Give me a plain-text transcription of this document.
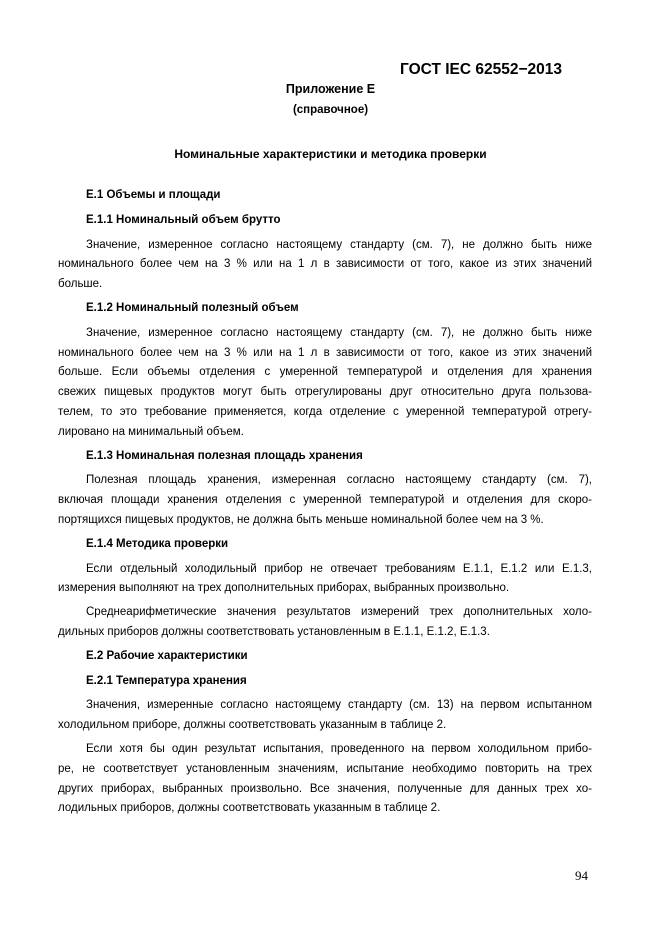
ГОСТ IEC 62552−2013
Приложение Е
(справочное)
Номинальные характеристики и методика проверки
Е.1 Объемы и площади
Е.1.1 Номинальный объем брутто
Значение, измеренное согласно настоящему стандарту (см. 7), не должно быть ниже
номинального более чем на 3 % или на 1 л в зависимости от того, какое из этих значений
больше.
Е.1.2 Номинальный полезный объем
Значение, измеренное согласно настоящему стандарту (см. 7), не должно быть ниже
номинального более чем на 3 % или на 1 л в зависимости от того, какое из этих значений
больше. Если объемы отделения с умеренной температурой и отделения для хранения
свежих пищевых продуктов могут быть отрегулированы друг относительно друга пользова-
телем, то это требование применяется, когда отделение с умеренной температурой отрегу-
лировано на минимальный объем.
Е.1.3 Номинальная полезная площадь хранения
Полезная площадь хранения, измеренная согласно настоящему стандарту (см. 7),
включая площади хранения отделения с умеренной температурой и отделения для скоро-
портящихся пищевых продуктов, не должна быть меньше номинальной более чем на 3 %.
Е.1.4 Методика проверки
Если отдельный холодильный прибор не отвечает требованиям Е.1.1, Е.1.2 или Е.1.3,
измерения выполняют на трех дополнительных приборах, выбранных произвольно.
Среднеарифметические значения результатов измерений трех дополнительных холо-
дильных приборов должны соответствовать установленным в Е.1.1, Е.1.2, Е.1.3.
Е.2 Рабочие характеристики
Е.2.1 Температура хранения
Значения, измеренные согласно настоящему стандарту (см. 13) на первом испытанном
холодильном приборе, должны соответствовать указанным в таблице 2.
Если хотя бы один результат испытания, проведенного на первом холодильном прибо-
ре, не соответствует установленным значениям, испытание необходимо повторить на трех
других приборах, выбранных произвольно. Все значения, полученные для данных трех хо-
лодильных приборов, должны соответствовать указанным в таблице 2.
94
